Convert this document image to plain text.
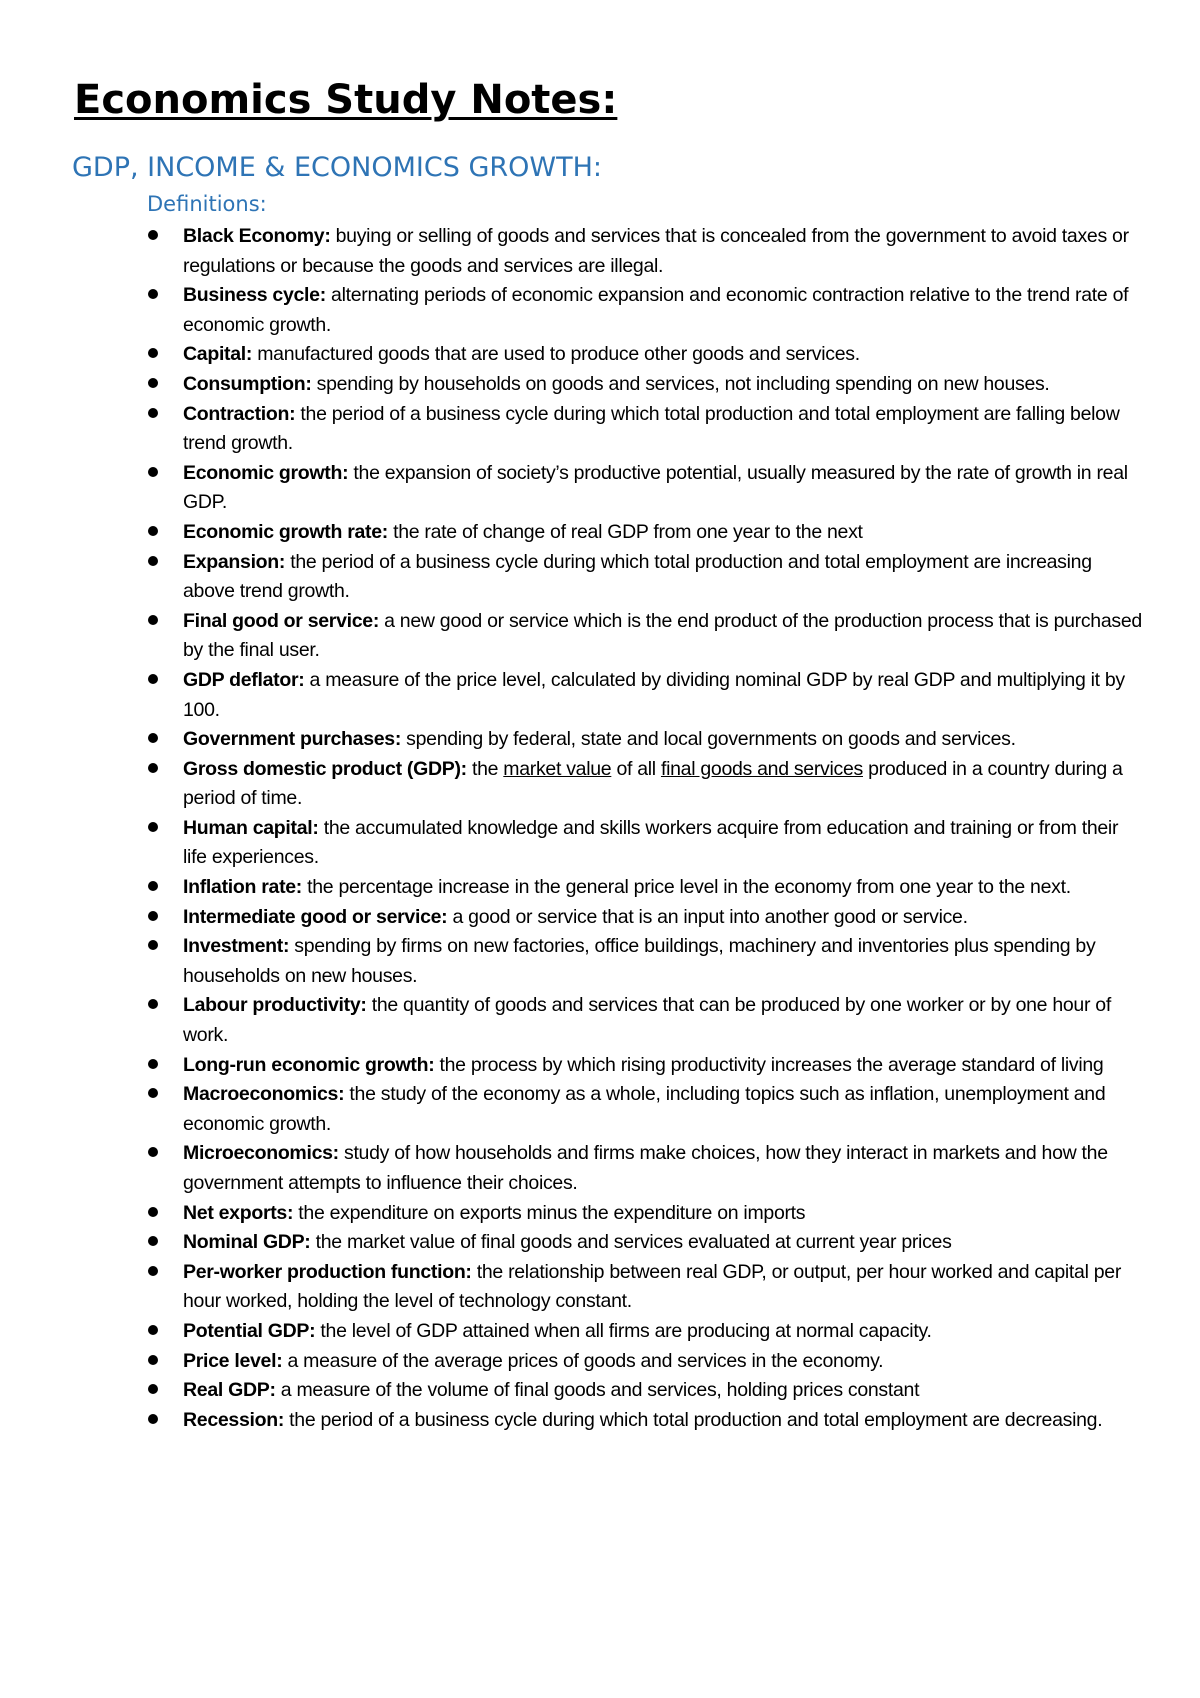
Economics Study Notes:
GDP, INCOME & ECONOMICS GROWTH:
Definitions:
Black Economy: buying or selling of goods and services that is concealed from the government to avoid taxes or regulations or because the goods and services are illegal.
Business cycle: alternating periods of economic expansion and economic contraction relative to the trend rate of economic growth.
Capital: manufactured goods that are used to produce other goods and services.
Consumption: spending by households on goods and services, not including spending on new houses.
Contraction: the period of a business cycle during which total production and total employment are falling below trend growth.
Economic growth: the expansion of society’s productive potential, usually measured by the rate of growth in real GDP.
Economic growth rate: the rate of change of real GDP from one year to the next
Expansion: the period of a business cycle during which total production and total employment are increasing above trend growth.
Final good or service: a new good or service which is the end product of the production process that is purchased by the final user.
GDP deflator: a measure of the price level, calculated by dividing nominal GDP by real GDP and multiplying it by 100.
Government purchases: spending by federal, state and local governments on goods and services.
Gross domestic product (GDP): the market value of all final goods and services produced in a country during a period of time.
Human capital: the accumulated knowledge and skills workers acquire from education and training or from their life experiences.
Inflation rate: the percentage increase in the general price level in the economy from one year to the next.
Intermediate good or service: a good or service that is an input into another good or service.
Investment: spending by firms on new factories, office buildings, machinery and inventories plus spending by households on new houses.
Labour productivity: the quantity of goods and services that can be produced by one worker or by one hour of work.
Long-run economic growth: the process by which rising productivity increases the average standard of living
Macroeconomics: the study of the economy as a whole, including topics such as inflation, unemployment and economic growth.
Microeconomics: study of how households and firms make choices, how they interact in markets and how the government attempts to influence their choices.
Net exports: the expenditure on exports minus the expenditure on imports
Nominal GDP: the market value of final goods and services evaluated at current year prices
Per-worker production function: the relationship between real GDP, or output, per hour worked and capital per hour worked, holding the level of technology constant.
Potential GDP: the level of GDP attained when all firms are producing at normal capacity.
Price level: a measure of the average prices of goods and services in the economy.
Real GDP: a measure of the volume of final goods and services, holding prices constant
Recession: the period of a business cycle during which total production and total employment are decreasing.
